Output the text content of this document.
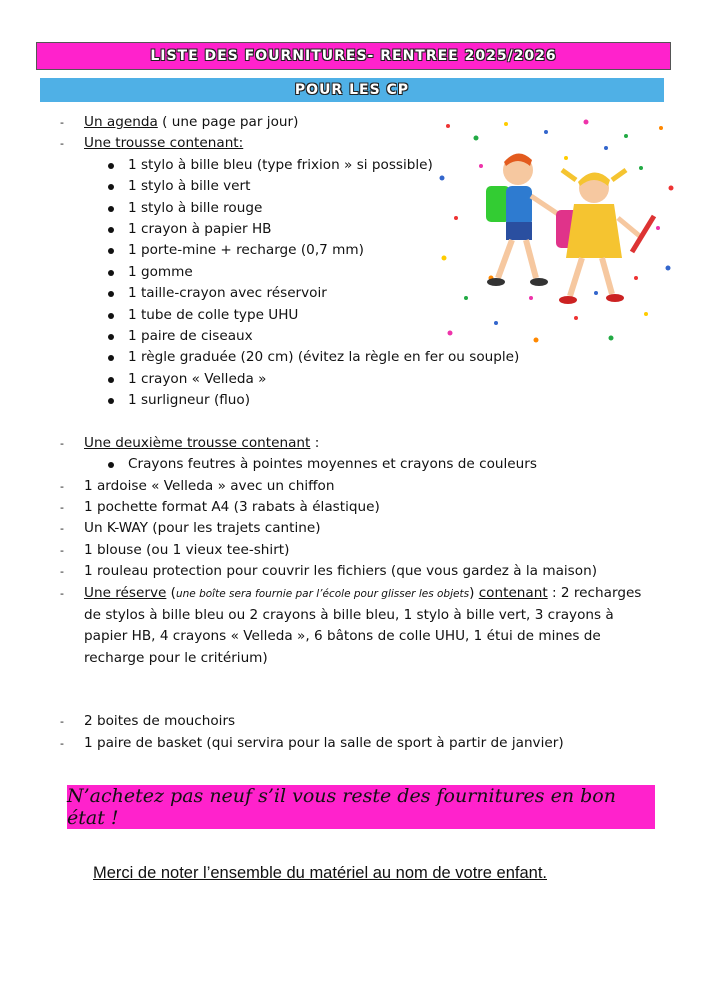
LISTE DES FOURNITURES- RENTREE 2025/2026
POUR LES CP
- Un agenda ( une page par jour)
- Une trousse contenant:
1 stylo à bille bleu (type frixion » si possible)
1 stylo à bille vert
1 stylo à bille rouge
1 crayon à papier HB
1 porte-mine + recharge (0,7 mm)
1 gomme
1 taille-crayon avec réservoir
1 tube de colle type UHU
1 paire de ciseaux
1 règle graduée (20 cm) (évitez la règle en fer ou souple)
1 crayon « Velleda »
1 surligneur (fluo)
- Une deuxième trousse contenant :
Crayons feutres à pointes moyennes et crayons de couleurs
- 1 ardoise « Velleda » avec un chiffon
- 1 pochette format A4 (3 rabats à élastique)
- Un K-WAY (pour les trajets cantine)
- 1 blouse (ou 1 vieux tee-shirt)
- 1 rouleau protection pour couvrir les fichiers (que vous gardez à la maison)
- Une réserve (une boîte sera fournie par l’école pour glisser les objets) contenant : 2 recharges de stylos à bille bleu ou 2 crayons à bille bleu, 1 stylo à bille vert, 3 crayons à papier HB, 4 crayons « Velleda », 6 bâtons de colle UHU, 1 étui de mines de recharge pour le critérium)
- 2 boites de mouchoirs
- 1 paire de basket (qui servira pour la salle de sport à partir de janvier)
N’achetez pas neuf s’il vous reste des fournitures en bon état !
Merci de noter l’ensemble du matériel au nom de votre enfant.
